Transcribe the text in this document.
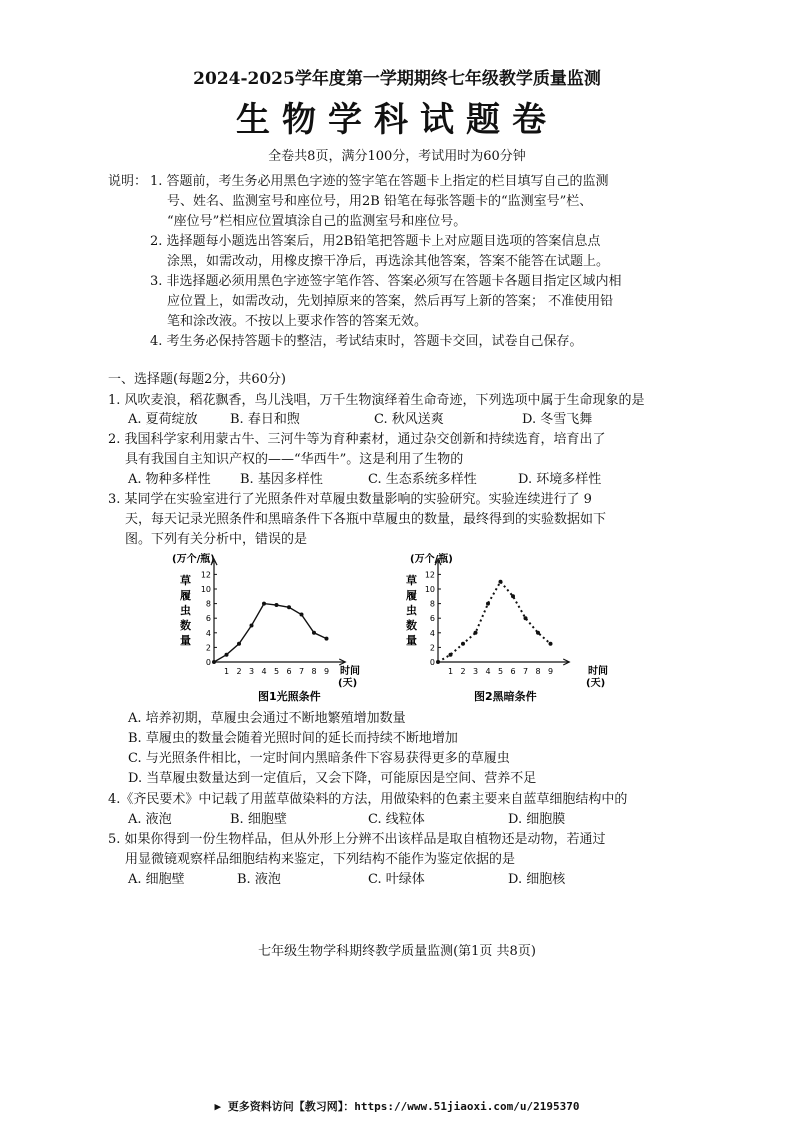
2024-2025学年度第一学期期终七年级教学质量监测
生物学科试题卷
全卷共8页，满分100分，考试用时为60分钟
说明： 1. 答题前，考生务必用黑色字迹的签字笔在答题卡上指定的栏目填写自己的监测
号、姓名、监测室号和座位号，用2B 铅笔在每张答题卡的“监测室号”栏、
“座位号”栏相应位置填涂自己的监测室号和座位号。
2. 选择题每小题选出答案后，用2B铅笔把答题卡上对应题目选项的答案信息点
涂黑，如需改动，用橡皮擦干净后，再选涂其他答案，答案不能答在试题上。
3. 非选择题必须用黑色字迹签字笔作答、答案必须写在答题卡各题目指定区域内相
应位置上，如需改动，先划掉原来的答案，然后再写上新的答案； 不准使用铅
笔和涂改液。不按以上要求作答的答案无效。
4. 考生务必保持答题卡的整洁，考试结束时，答题卡交回，试卷自己保存。
一、选择题(每题2分，共60分)
1. 风吹麦浪，稻花飘香，鸟儿浅唱，万千生物演绎着生命奇迹，下列选项中属于生命现象的是
A. 夏荷绽放 B. 春日和煦	C. 秋风送爽	D. 冬雪飞舞
2. 我国科学家利用蒙古牛、三河牛等为育种素材，通过杂交创新和持续选育，培育出了
具有我国自主知识产权的——“华西牛”。这是利用了生物的
A. 物种多样性 B. 基因多样性	C. 生态系统多样性	D. 环境多样性
3. 某同学在实验室进行了光照条件对草履虫数量影响的实验研究。实验连续进行了 9
天，每天记录光照条件和黑暗条件下各瓶中草履虫的数量，最终得到的实验数据如下
图。下列有关分析中，错误的是
(万个/瓶)
草履虫数量
0
2
4
6
8
10
12
1 2 3 4 5 6 7 8 9 时间
(天)
图1光照条件
(万个/瓶)
草履虫数量
0
2
4
6
8
10
12
1 2 3 4 5 6 7 8 9	时间
(天)
图2黑暗条件
A. 培养初期，草履虫会通过不断地繁殖增加数量
B. 草履虫的数量会随着光照时间的延长而持续不断地增加
C. 与光照条件相比，一定时间内黑暗条件下容易获得更多的草履虫
D. 当草履虫数量达到一定值后，又会下降，可能原因是空间、营养不足
4.《齐民要术》中记载了用蓝草做染料的方法，用做染料的色素主要来自蓝草细胞结构中的
A. 液泡	B. 细胞壁	C. 线粒体	D. 细胞膜
5. 如果你得到一份生物样品，但从外形上分辨不出该样品是取自植物还是动物，若通过
用显微镜观察样品细胞结构来鉴定，下列结构不能作为鉴定依据的是
A. 细胞壁	B. 液泡	C. 叶绿体	D. 细胞核
七年级生物学科期终教学质量监测(第1页 共8页)
▶ 更多资料访问【教习网】：https://www.51jiaoxi.com/u/2195370
